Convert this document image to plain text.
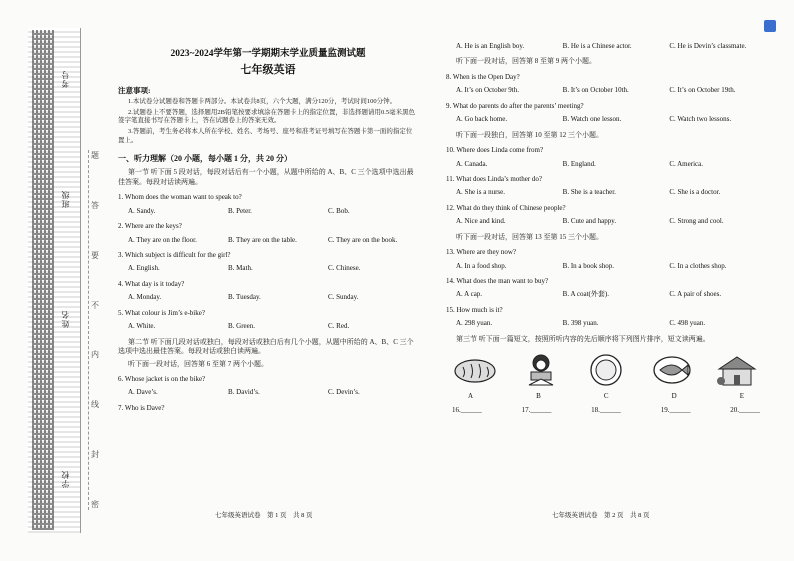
考号
班级
姓名
学校
题
答
要
不
内
线
封
密
2023~2024学年第一学期期末学业质量监测试题
七年级英语
注意事项:
1.本试卷分试题卷和答题卡两部分。本试卷共8页，六个大题，满分120分，考试时间100分钟。
2.试题卷上不要答题，选择题用2B铅笔按要求填涂在答题卡上的指定位置，非选择题请用0.5毫米黑色签字笔直接书写在答题卡上，答在试题卷上的答案无效。
3.答题前，考生务必将本人所在学校、姓名、考场号、座号和准考证号填写在答题卡第一面的指定位置上。
一、听力理解（20 小题，每小题 1 分，共 20 分）
第一节 听下面 5 段对话，每段对话后有一个小题，从题中所给的 A、B、C 三个选项中选出最佳答案。每段对话读两遍。
1. Whom does the woman want to speak to?
A. Sandy.	B. Peter.	C. Bob.
2. Where are the keys?
A. They are on the floor.	B. They are on the table.	C. They are on the book.
3. Which subject is difficult for the girl?
A. English.	B. Math.	C. Chinese.
4. What day is it today?
A. Monday.	B. Tuesday.	C. Sunday.
5. What colour is Jim’s e-bike?
A. White.	B. Green.	C. Red.
第二节 听下面几段对话或独白，每段对话或独白后有几个小题，从题中所给的 A、B、C 三个选项中选出最佳答案。每段对话或独白读两遍。
听下面一段对话，回答第 6 至第 7 两个小题。
6. Whose jacket is on the bike?
A. Dave’s.	B. David’s.	C. Devin’s.
7. Who is Dave?
A. He is an English boy.	B. He is a Chinese actor.	C. He is Devin’s classmate.
听下面一段对话，回答第 8 至第 9 两个小题。
8. When is the Open Day?
A. It’s on October 9th.	B. It’s on October 10th.	C. It’s on October 19th.
9. What do parents do after the parents’ meeting?
A. Go back home.	B. Watch one lesson.	C. Watch two lessons.
听下面一段独白，回答第 10 至第 12 三个小题。
10. Where does Linda come from?
A. Canada.	B. England.	C. America.
11. What does Linda’s mother do?
A. She is a nurse.	B. She is a teacher.	C. She is a doctor.
12. What do they think of Chinese people?
A. Nice and kind.	B. Cute and happy.	C. Strong and cool.
听下面一段对话，回答第 13 至第 15 三个小题。
13. Where are they now?
A. In a food shop.	B. In a book shop.	C. In a clothes shop.
14. What does the man want to buy?
A. A cap.	B. A coat(外套).	C. A pair of shoes.
15. How much is it?
A. 298 yuan.	B. 398 yuan.	C. 498 yuan.
第三节 听下面一篇短文，按照所听内容的先后顺序将下列图片排序，短文读两遍。
A	B	C	D	E
16.______	17.______	18.______	19.______	20.______
七年级英语试卷　第 1 页　共 8 页	七年级英语试卷　第 2 页　共 8 页
